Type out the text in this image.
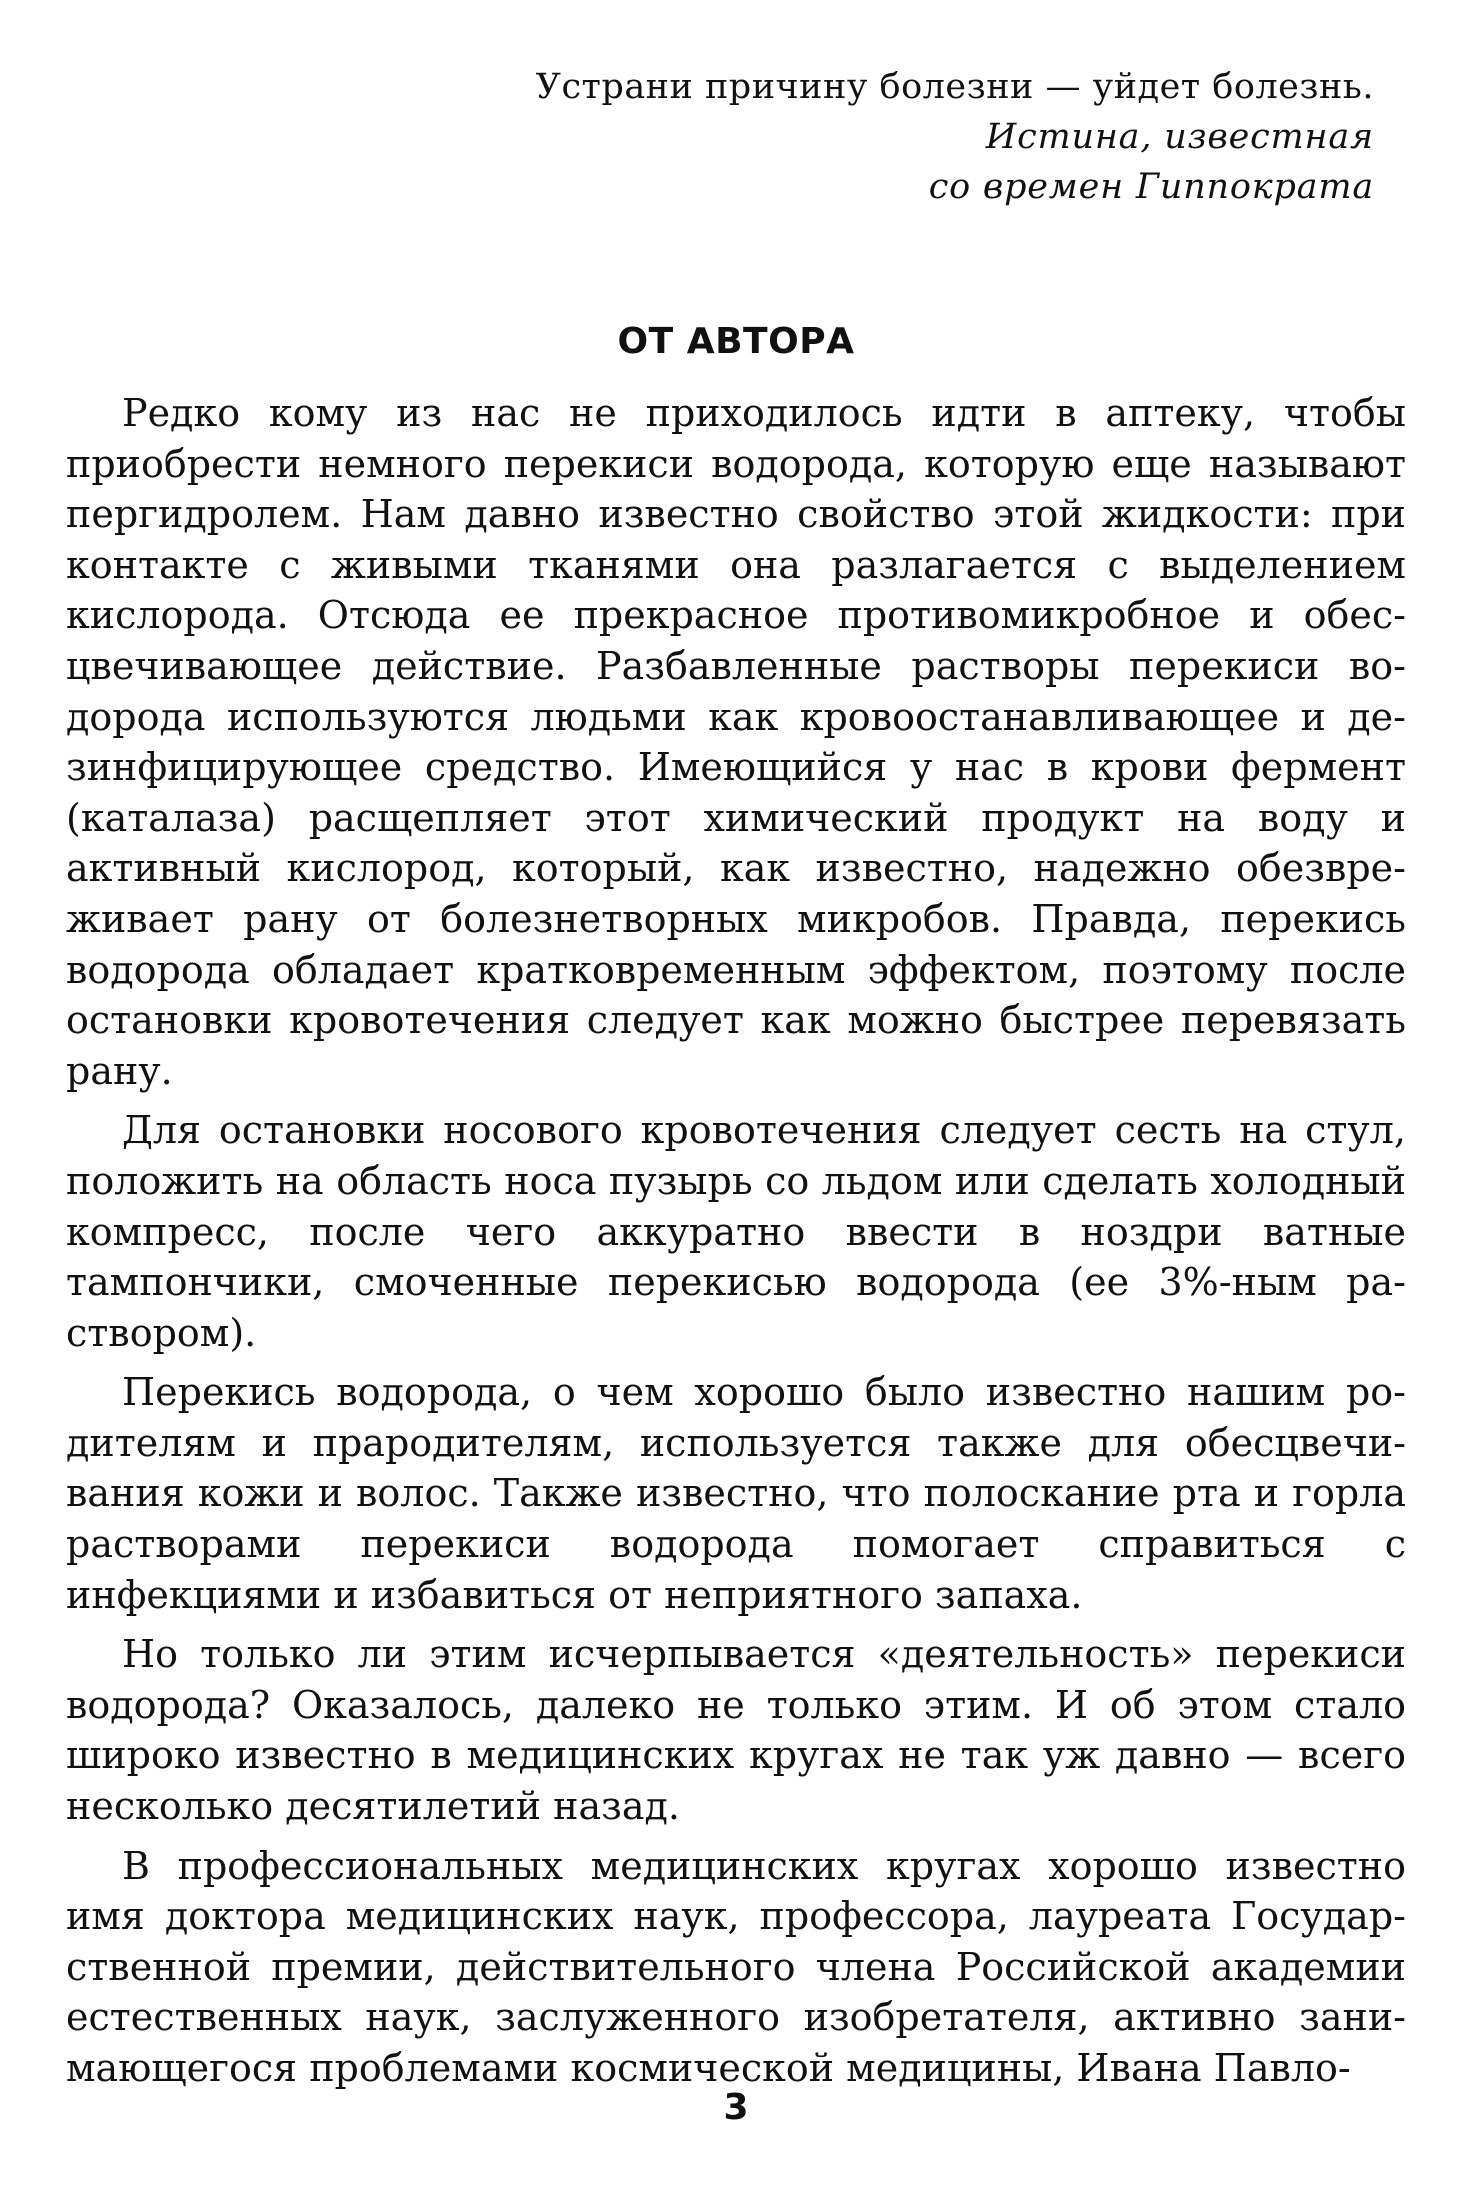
Устрани причину болезни — уйдет болезнь.
Истина, известная
со времен Гиппократа
ОТ АВТОРА

Редко кому из нас не приходилось идти в аптеку, чтобы приобрести немного перекиси водорода, которую еще называют пергидролем. Нам давно известно свойство этой жидкости: при контакте с живыми тканями она разлагается с выделением кислорода. Отсюда ее прекрасное противомикробное и обесцвечивающее действие. Разбавленные растворы перекиси водорода используются людьми как кровоостанавливающее и дезинфицирующее средство. Имеющийся у нас в крови фермент (каталаза) расщепляет этот химический продукт на воду и активный кислород, который, как известно, надежно обезвреживает рану от болезнетворных микробов. Правда, перекись водорода обладает кратковременным эффектом, поэтому после остановки кровотечения следует как можно быстрее перевязать рану.

Для остановки носового кровотечения следует сесть на стул, положить на область носа пузырь со льдом или сделать холодный компресс, после чего аккуратно ввести в ноздри ватные тампончики, смоченные перекисью водорода (ее 3%-ным раствором).

Перекись водорода, о чем хорошо было известно нашим родителям и прародителям, используется также для обесцвечивания кожи и волос. Также известно, что полоскание рта и горла растворами перекиси водорода помогает справиться с инфекциями и избавиться от неприятного запаха.

Но только ли этим исчерпывается «деятельность» перекиси водорода? Оказалось, далеко не только этим. И об этом стало широко известно в медицинских кругах не так уж давно — всего несколько десятилетий назад.

В профессиональных медицинских кругах хорошо известно имя доктора медицинских наук, профессора, лауреата Государственной премии, действительного члена Российской академии естественных наук, заслуженного изобретателя, активно занимающегося проблемами космической медицины, Ивана Павло-

3
